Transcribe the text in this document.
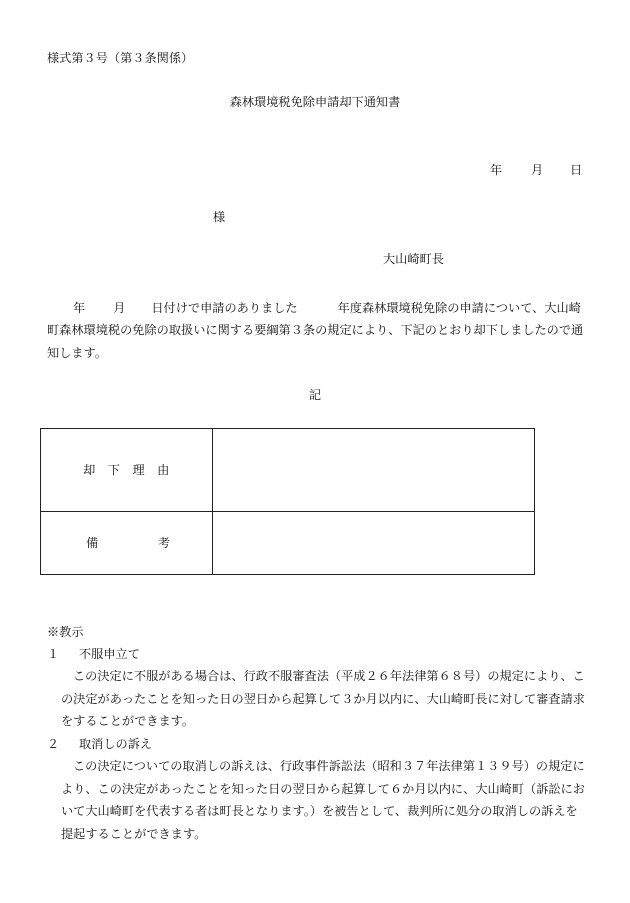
様式第３号（第３条関係）
森林環境税免除申請却下通知書
年 月 日
様
大山崎町長
年 月 日付けで申請のありました	年度森林環境税免除の申請について、大山崎町森林環境税の免除の取扱いに関する要綱第３条の規定により、下記のとおり却下しましたので通知します。
記
却下理由	

備 考	

※教示
１	不服申立て
この決定に不服がある場合は、行政不服審査法（平成２６年法律第６８号）の規定により、この決定があったことを知った日の翌日から起算して３か月以内に、大山崎町長に対して審査請求をすることができます。
２	取消しの訴え
この決定についての取消しの訴えは、行政事件訴訟法（昭和３７年法律第１３９号）の規定により、この決定があったことを知った日の翌日から起算して６か月以内に、大山崎町（訴訟において大山崎町を代表する者は町長となります。）を被告として、裁判所に処分の取消しの訴えを提起することができます。
